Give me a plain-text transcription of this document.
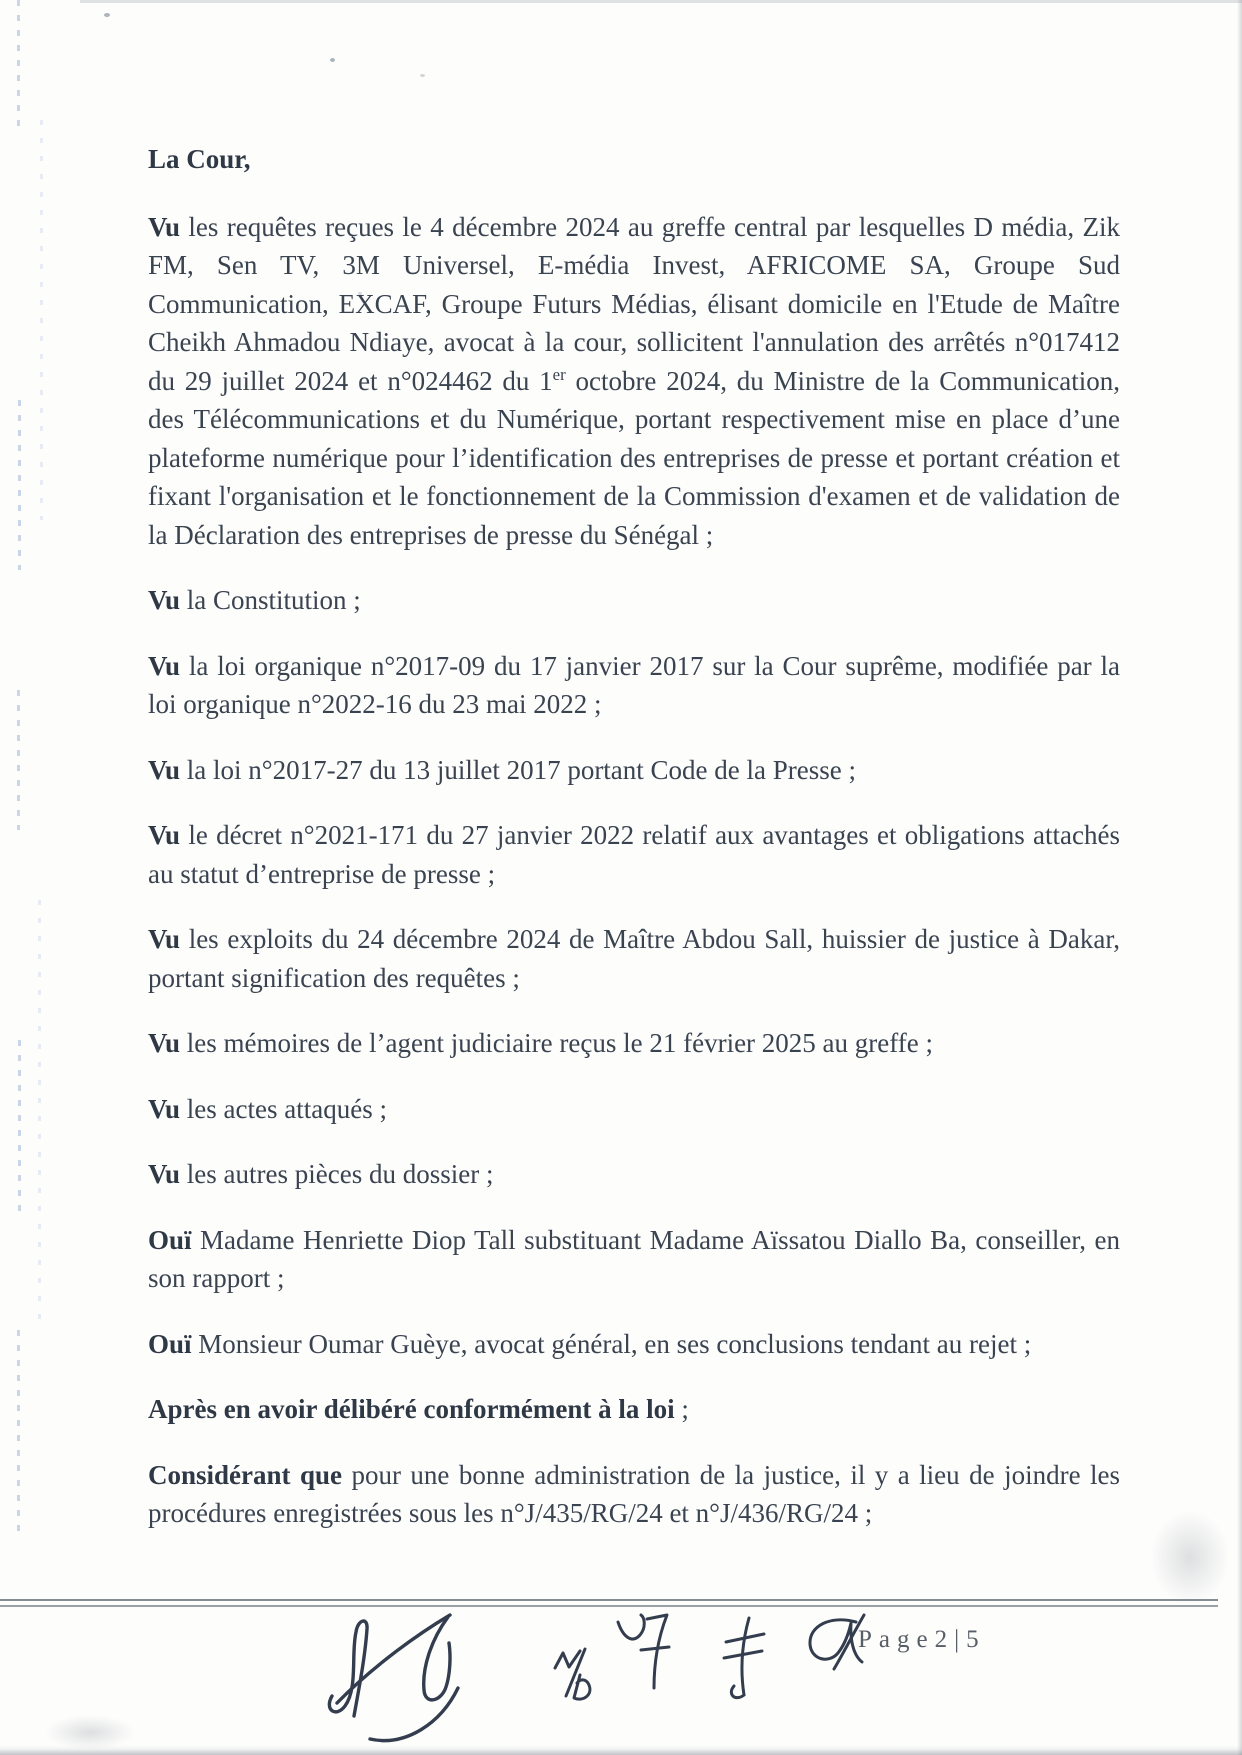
La Cour,

Vu les requêtes reçues le 4 décembre 2024 au greffe central par lesquelles D média, Zik FM, Sen TV, 3M Universel, E-média Invest, AFRICOME SA, Groupe Sud Communication, EXCAF, Groupe Futurs Médias, élisant domicile en l'Etude de Maître Cheikh Ahmadou Ndiaye, avocat à la cour, sollicitent l'annulation des arrêtés n°017412 du 29 juillet 2024 et n°024462 du 1er octobre 2024, du Ministre de la Communication, des Télécommunications et du Numérique, portant respectivement mise en place d’une plateforme numérique pour l’identification des entreprises de presse et portant création et fixant l'organisation et le fonctionnement de la Commission d'examen et de validation de la Déclaration des entreprises de presse du Sénégal ;

Vu la Constitution ;

Vu la loi organique n°2017-09 du 17 janvier 2017 sur la Cour suprême, modifiée par la loi organique n°2022-16 du 23 mai 2022 ;

Vu la loi n°2017-27 du 13 juillet 2017 portant Code de la Presse ;

Vu le décret n°2021-171 du 27 janvier 2022 relatif aux avantages et obligations attachés au statut d’entreprise de presse ;

Vu les exploits du 24 décembre 2024 de Maître Abdou Sall, huissier de justice à Dakar, portant signification des requêtes ;

Vu les mémoires de l’agent judiciaire reçus le 21 février 2025 au greffe ;

Vu les actes attaqués ;

Vu les autres pièces du dossier ;

Ouï Madame Henriette Diop Tall substituant Madame Aïssatou Diallo Ba, conseiller, en son rapport ;

Ouï Monsieur Oumar Guèye, avocat général, en ses conclusions tendant au rejet ;

Après en avoir délibéré conformément à la loi ;

Considérant que pour une bonne administration de la justice, il y a lieu de joindre les procédures enregistrées sous les n°J/435/RG/24 et n°J/436/RG/24 ;

Page2|5
